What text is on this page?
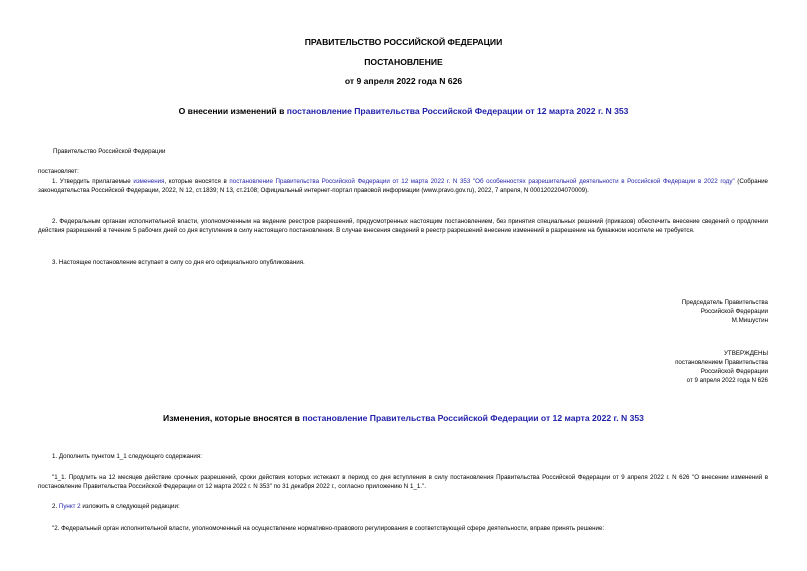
ПРАВИТЕЛЬСТВО РОССИЙСКОЙ ФЕДЕРАЦИИ
ПОСТАНОВЛЕНИЕ
от 9 апреля 2022 года N 626
О внесении изменений в постановление Правительства Российской Федерации от 12 марта 2022 г. N 353
Правительство Российской Федерации
постановляет:
1. Утвердить прилагаемые изменения, которые вносятся в постановление Правительства Российской Федерации от 12 марта 2022 г. N 353 "Об особенностях разрешительной деятельности в Российской Федерации в 2022 году" (Собрание законодательства Российской Федерации, 2022, N 12, ст.1839; N 13, ст.2108; Официальный интернет-портал правовой информации (www.pravo.gov.ru), 2022, 7 апреля, N 0001202204070009).
2. Федеральным органам исполнительной власти, уполномоченным на ведение реестров разрешений, предусмотренных настоящим постановлением, без принятия специальных решений (приказов) обеспечить внесение сведений о продлении действия разрешений в течение 5 рабочих дней со дня вступления в силу настоящего постановления. В случае внесения сведений в реестр разрешений внесение изменений в разрешение на бумажном носителе не требуется.
3. Настоящее постановление вступает в силу со дня его официального опубликования.
Председатель Правительства
Российской Федерации
М.Мишустин
УТВЕРЖДЕНЫ
постановлением Правительства
Российской Федерации
от 9 апреля 2022 года N 626
Изменения, которые вносятся в постановление Правительства Российской Федерации от 12 марта 2022 г. N 353
1. Дополнить пунктом 1_1 следующего содержания:
"1_1. Продлить на 12 месяцев действие срочных разрешений, сроки действия которых истекают в период со дня вступления в силу постановления Правительства Российской Федерации от 9 апреля 2022 г. N 626 "О внесении изменений в постановление Правительства Российской Федерации от 12 марта 2022 г. N 353" по 31 декабря 2022 г., согласно приложению N 1_1.".
2. Пункт 2 изложить в следующей редакции:
"2. Федеральный орган исполнительной власти, уполномоченный на осуществление нормативно-правового регулирования в соответствующей сфере деятельности, вправе принять решение:
